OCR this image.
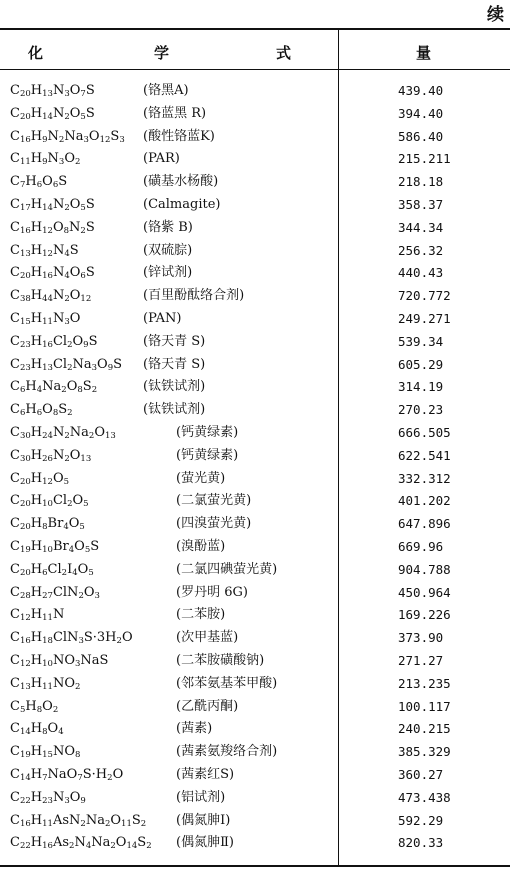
续
化	学	式	量
$C_{20}H_{13}N_3O_7S$	(铬黑A)	439.40
$C_{20}H_{14}N_2O_5S$	(铬蓝黑 R)	394.40
$C_{16}H_9N_2Na_3O_{12}S_3$ (酸性铬蓝K)	586.40
$C_{11}H_9N_3O_2$	(PAR)	215.211
$C_7H_6O_6S$	(磺基水杨酸)	218.18
$C_{17}H_{14}N_2O_5S$	(Calmagite)	358.37
$C_{16}H_{12}O_8N_2S$	(铬紫 B)	344.34
$C_{13}H_{12}N_4S$	(双硫腙)	256.32
$C_{20}H_{16}N_4O_6S$	(锌试剂)	440.43
$C_{38}H_{44}N_2O_{12}$	(百里酚酞络合剂)	720.772
$C_{15}H_{11}N_3O$	(PAN)	249.271
$C_{23}H_{16}Cl_2O_9S$	(铬天青 S)	539.34
$C_{23}H_{13}Cl_2Na_3O_9S$ (铬天青 S)	605.29
$C_6H_4Na_2O_8S_2$	(钛铁试剂)	314.19
$C_6H_6O_8S_2$	(钛铁试剂)	270.23
$C_{30}H_{24}N_2Na_2O_{13}$	(钙黄绿素)	666.505
$C_{30}H_{26}N_2O_{13}$	(钙黄绿素)	622.541
$C_{20}H_{12}O_5$	(萤光黄)	332.312
$C_{20}H_{10}Cl_2O_5$	(二氯萤光黄)	401.202
$C_{20}H_8Br_4O_5$	(四溴萤光黄)	647.896
$C_{19}H_{10}Br_4O_5S$	(溴酚蓝)	669.96
$C_{20}H_6Cl_2I_4O_5$	(二氯四碘萤光黄)	904.788
$C_{28}H_{27}ClN_2O_3$	(罗丹明 6G)	450.964
$C_{12}H_{11}N$	(二苯胺)	169.226
$C_{16}H_{18}ClN_3S\cdot 3H_2O$	(次甲基蓝)	373.90
$C_{12}H_{10}NO_3NaS$	(二苯胺磺酸钠)	271.27
$C_{13}H_{11}NO_2$	(邻苯氨基苯甲酸)	213.235
$C_5H_8O_2$	(乙酰丙酮)	100.117
$C_{14}H_8O_4$	(茜素)	240.215
$C_{19}H_{15}NO_8$	(茜素氨羧络合剂)	385.329
$C_{14}H_7NaO_7S\cdot H_2O$	(茜素红S)	360.27
$C_{22}H_{23}N_3O_9$	(铝试剂)	473.438
$C_{16}H_{11}AsN_2Na_2O_{11}S_2$ (偶氮胂Ⅰ)	592.29
$C_{22}H_{16}As_2N_4Na_2O_{14}S_2$ (偶氮胂Ⅱ)	820.33
